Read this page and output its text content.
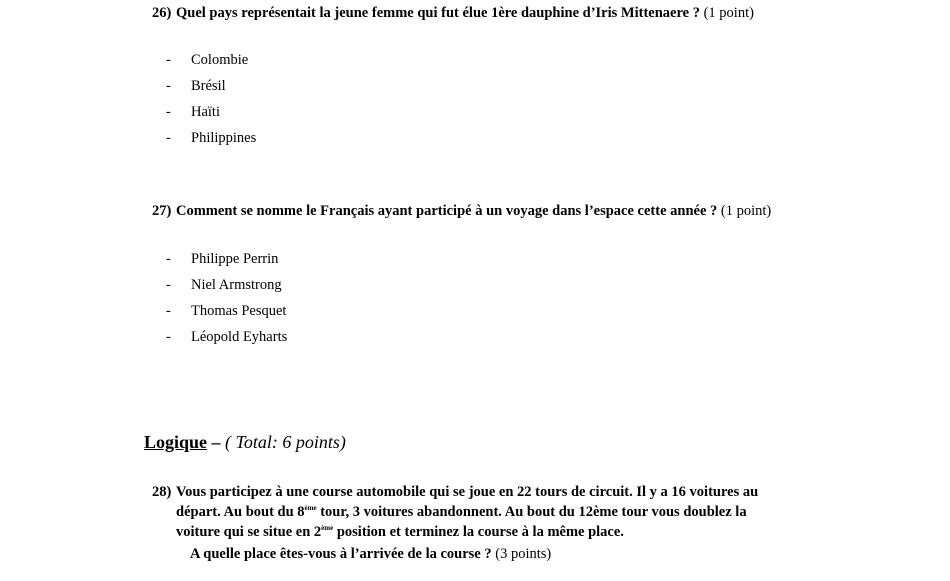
26) Quel pays représentait la jeune femme qui fut élue 1ère dauphine d’Iris Mittenaere ? (1 point)
- Colombie
- Brésil
- Haïti
- Philippines
27) Comment se nomme le Français ayant participé à un voyage dans l’espace cette année ? (1 point)
- Philippe Perrin
- Niel Armstrong
- Thomas Pesquet
- Léopold Eyharts
Logique – ( Total: 6 points)
28) Vous participez à une course automobile qui se joue en 22 tours de circuit. Il y a 16 voitures au départ. Au bout du 8ème tour, 3 voitures abandonnent. Au bout du 12ème tour vous doublez la voiture qui se situe en 2ème position et terminez la course à la même place.
A quelle place êtes-vous à l’arrivée de la course ? (3 points)
